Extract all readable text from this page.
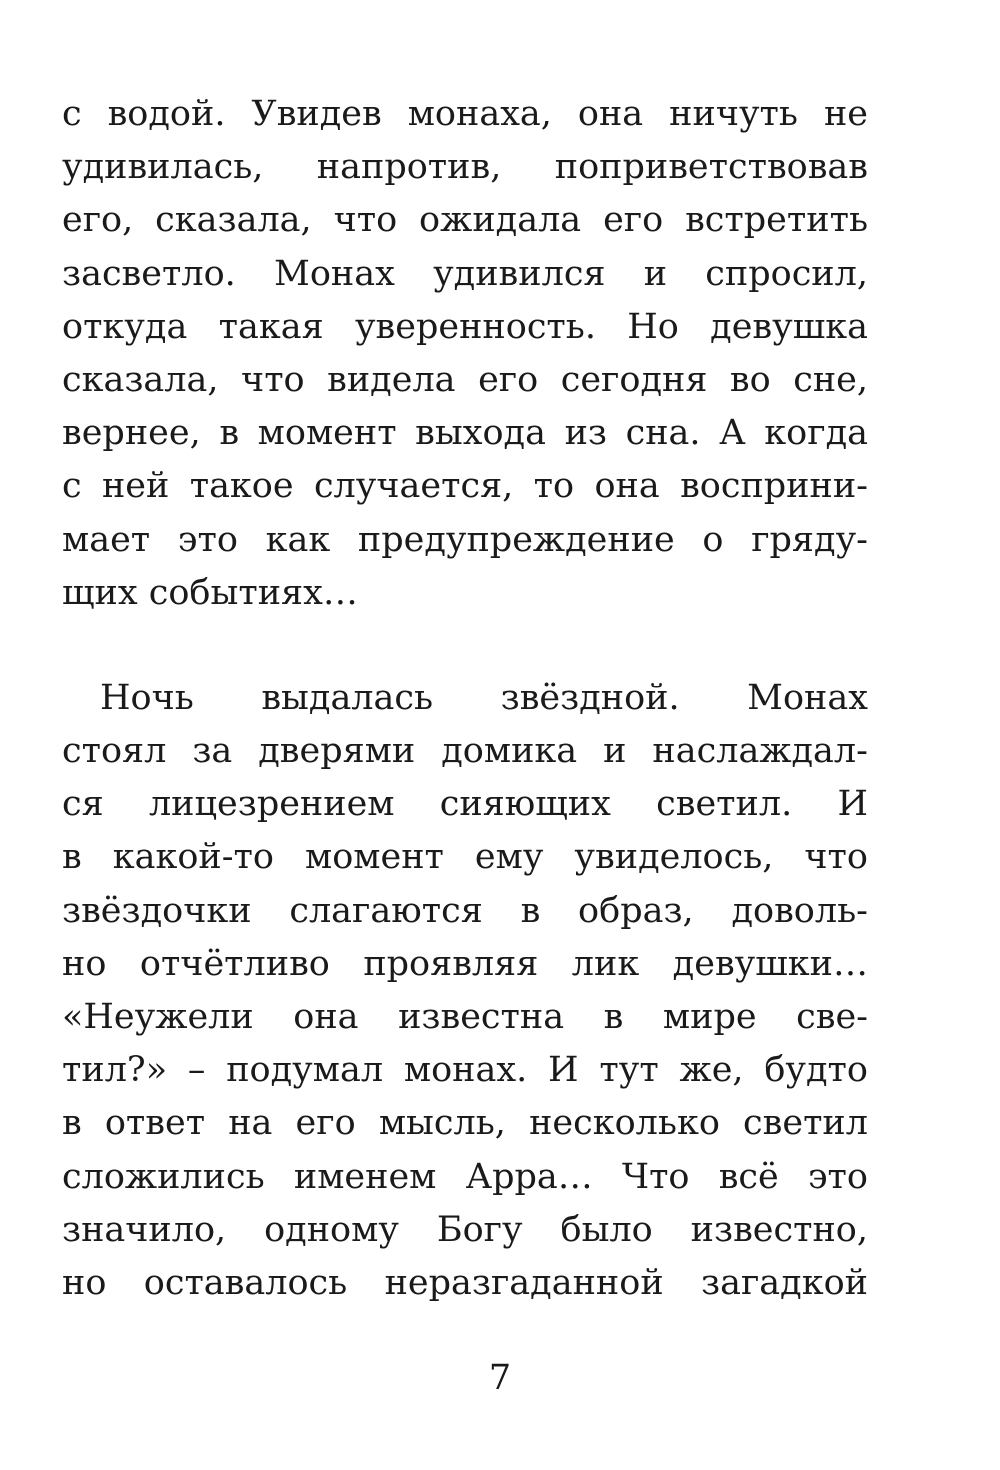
с водой. Увидев монаха, она ничуть не
удивилась, напротив, поприветствовав
его, сказала, что ожидала его встретить
засветло. Монах удивился и спросил,
откуда такая уверенность. Но девушка
сказала, что видела его сегодня во сне,
вернее, в момент выхода из сна. А когда
с ней такое случается, то она восприни-
мает это как предупреждение о гряду-
щих событиях…

Ночь выдалась звёздной. Монах
стоял за дверями домика и наслаждал-
ся лицезрением сияющих светил. И
в какой-то момент ему увиделось, что
звёздочки слагаются в образ, доволь-
но отчётливо проявляя лик девушки…
«Неужели она известна в мире све-
тил?» – подумал монах. И тут же, будто
в ответ на его мысль, несколько светил
сложились именем Арра… Что всё это
значило, одному Богу было известно,
но оставалось неразгаданной загадкой

7
